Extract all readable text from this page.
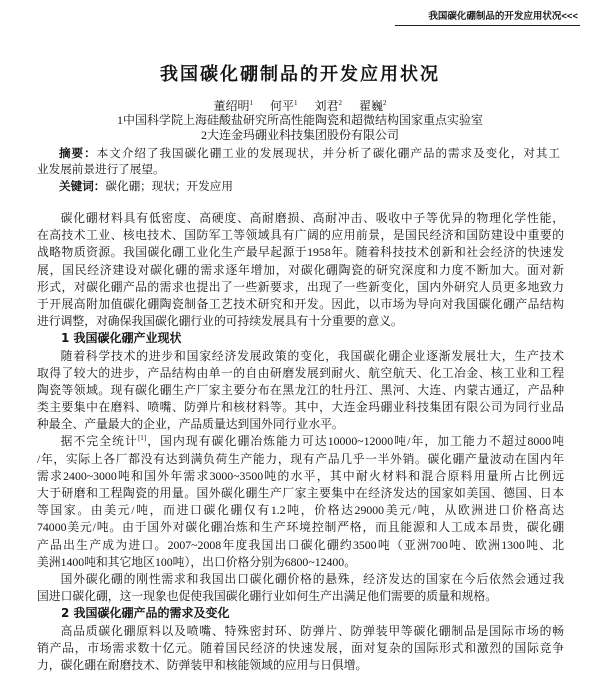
我国碳化硼制品的开发应用状况<<<
我国碳化硼制品的开发应用状况
董绍明$^1$ 何平$^1$ 刘君$^2$ 翟巍$^2$
1中国科学院上海硅酸盐研究所高性能陶瓷和超微结构国家重点实验室
2大连金玛硼业科技集团股份有限公司
摘要：本文介绍了我国碳化硼工业的发展现状，并分析了碳化硼产品的需求及变化，对其工
业发展前景进行了展望。
关键词：碳化硼；现状；开发应用
碳化硼材料具有低密度、高硬度、高耐磨损、高耐冲击、吸收中子等优异的物理化学性能，
在高技术工业、核电技术、国防军工等领域具有广阔的应用前景，是国民经济和国防建设中重要的
战略物质资源。我国碳化硼工业化生产最早起源于1958年。随着科技技术创新和社会经济的快速发
展，国民经济建设对碳化硼的需求逐年增加，对碳化硼陶瓷的研究深度和力度不断加大。面对新
形式，对碳化硼产品的需求也提出了一些新要求，出现了一些新变化，国内外研究人员更多地致力
于开展高附加值碳化硼陶瓷制备工艺技术研究和开发。因此，以市场为导向对我国碳化硼产品结构
进行调整，对确保我国碳化硼行业的可持续发展具有十分重要的意义。
1 我国碳化硼产业现状
随着科学技术的进步和国家经济发展政策的变化，我国碳化硼企业逐渐发展壮大，生产技术
取得了较大的进步，产品结构由单一的自由研磨发展到耐火、航空航天、化工冶金、核工业和工程
陶瓷等领域。现有碳化硼生产厂家主要分布在黑龙江的牡丹江、黑河、大连、内蒙古通辽，产品种
类主要集中在磨料、喷嘴、防弹片和核材料等。其中，大连金玛硼业科技集团有限公司为同行业品
种最全、产量最大的企业，产品质量达到国外同行业水平。
据不完全统计[1]，国内现有碳化硼冶炼能力可达10000~12000吨/年，加工能力不超过8000吨
/年，实际上各厂都没有达到满负荷生产能力，现有产品几乎一半外销。碳化硼产量波动在国内年
需求2400~3000吨和国外年需求3000~3500吨的水平，其中耐火材料和混合原料用量所占比例远
大于研磨和工程陶瓷的用量。国外碳化硼生产厂家主要集中在经济发达的国家如美国、德国、日本
等国家。由美元/吨，而进口碳化硼仅有1.2吨，价格达29000美元/吨，从欧洲进口价格高达
74000美元/吨。由于国外对碳化硼冶炼和生产环境控制严格，而且能源和人工成本昂贵，碳化硼
产品出生产成为进口。2007~2008年度我国出口碳化硼约3500吨（亚洲700吨、欧洲1300吨、北
美洲1400吨和其它地区100吨），出口价格分别为6800~12400。
国外碳化硼的刚性需求和我国出口碳化硼价格的悬殊，经济发达的国家在今后依然会通过我
国进口碳化硼，这一现象也促使我国碳化硼行业如何生产出满足他们需要的质量和规格。
2 我国碳化硼产品的需求及变化
高品质碳化硼原料以及喷嘴、特殊密封环、防弹片、防弹装甲等碳化硼制品是国际市场的畅
销产品，市场需求数十亿元。随着国民经济的快速发展，面对复杂的国际形式和激烈的国际竞争
力，碳化硼在耐磨技术、防弹装甲和核能领域的应用与日俱增。
